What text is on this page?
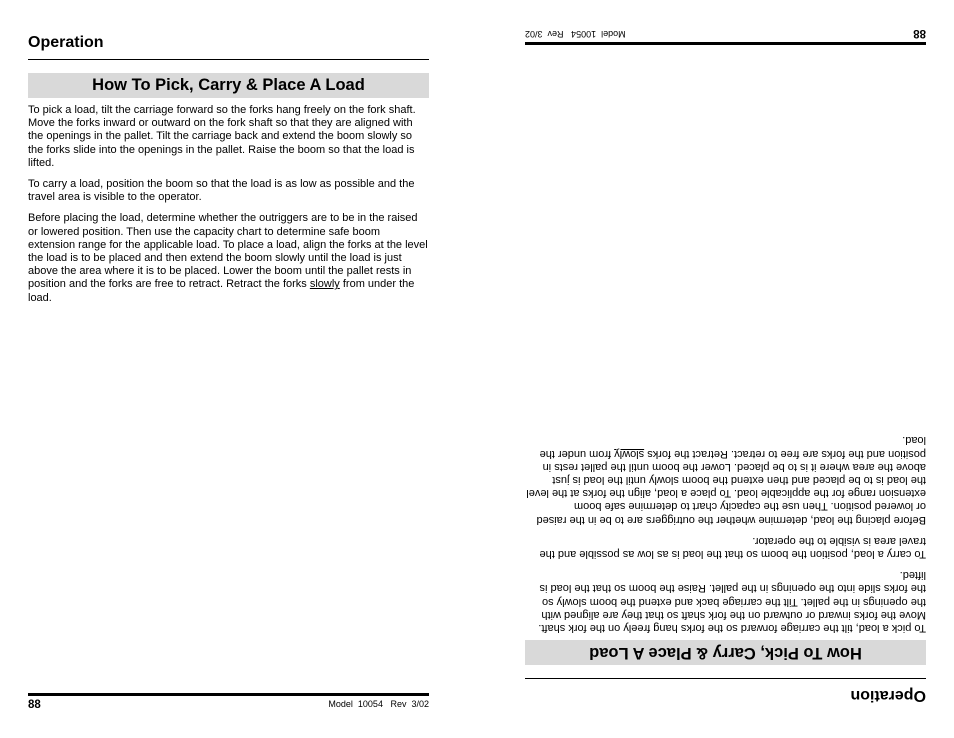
Operation
How To Pick, Carry & Place A Load

To pick a load, tilt the carriage forward so the forks hang freely on the fork shaft. Move the forks inward or outward on the fork shaft so that they are aligned with the openings in the pallet. Tilt the carriage back and extend the boom slowly so the forks slide into the openings in the pallet. Raise the boom so that the load is lifted.

To carry a load, position the boom so that the load is as low as possible and the travel area is visible to the operator.

Before placing the load, determine whether the outriggers are to be in the raised or lowered position. Then use the capacity chart to determine safe boom extension range for the applicable load. To place a load, align the forks at the level the load is to be placed and then extend the boom slowly until the load is just above the area where it is to be placed. Lower the boom until the pallet rests in position and the forks are free to retract. Retract the forks slowly from under the load.

88	Model  10054 Rev  3/02	Operation
How To Pick, Carry & Place A Load

To pick a load, tilt the carriage forward so the forks hang freely on the fork shaft. Move the forks inward or outward on the fork shaft so that they are aligned with the openings in the pallet. Tilt the carriage back and extend the boom slowly so the forks slide into the openings in the pallet. Raise the boom so that the load is lifted.

To carry a load, position the boom so that the load is as low as possible and the travel area is visible to the operator.

Before placing the load, determine whether the outriggers are to be in the raised or lowered position. Then use the capacity chart to determine safe boom extension range for the applicable load. To place a load, align the forks at the level the load is to be placed and then extend the boom slowly until the load is just above the area where it is to be placed. Lower the boom until the pallet rests in position and the forks are free to retract. Retract the forks slowly from under the load.

88
Model  10054   Rev  3/02
